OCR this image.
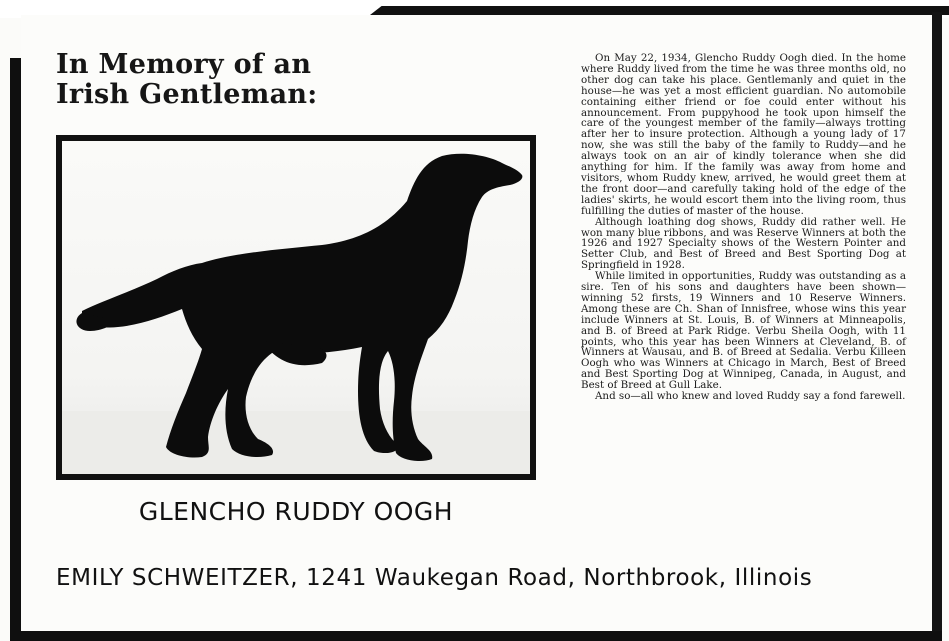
In Memory of an
Irish Gentleman:
GLENCHO RUDDY OOGH

On May 22, 1934, Glencho Ruddy Oogh died. In the home where Ruddy lived from the time he was three months old, no other dog can take his place. Gentlemanly and quiet in the house—he was yet a most efficient guardian. No automobile containing either friend or foe could enter without his announcement. From puppyhood he took upon himself the care of the youngest member of the family—always trotting after her to insure protection. Although a young lady of 17 now, she was still the baby of the family to Ruddy—and he always took on an air of kindly tolerance when she did anything for him. If the family was away from home and visitors, whom Ruddy knew, arrived, he would greet them at the front door—and carefully taking hold of the edge of the ladies' skirts, he would escort them into the living room, thus fulfilling the duties of master of the house.

Although loathing dog shows, Ruddy did rather well. He won many blue ribbons, and was Reserve Winners at both the 1926 and 1927 Specialty shows of the Western Pointer and Setter Club, and Best of Breed and Best Sporting Dog at Springfield in 1928.

While limited in opportunities, Ruddy was outstanding as a sire. Ten of his sons and daughters have been shown—winning 52 firsts, 19 Winners and 10 Reserve Winners. Among these are Ch. Shan of Innisfree, whose wins this year include Winners at St. Louis, B. of Winners at Minneapolis, and B. of Breed at Park Ridge. Verbu Sheila Oogh, with 11 points, who this year has been Winners at Cleveland, B. of Winners at Wausau, and B. of Breed at Sedalia. Verbu Killeen Oogh who was Winners at Chicago in March, Best of Breed and Best Sporting Dog at Winnipeg, Canada, in August, and Best of Breed at Gull Lake.

And so—all who knew and loved Ruddy say a fond farewell.

EMILY SCHWEITZER, 1241 Waukegan Road, Northbrook, Illinois
